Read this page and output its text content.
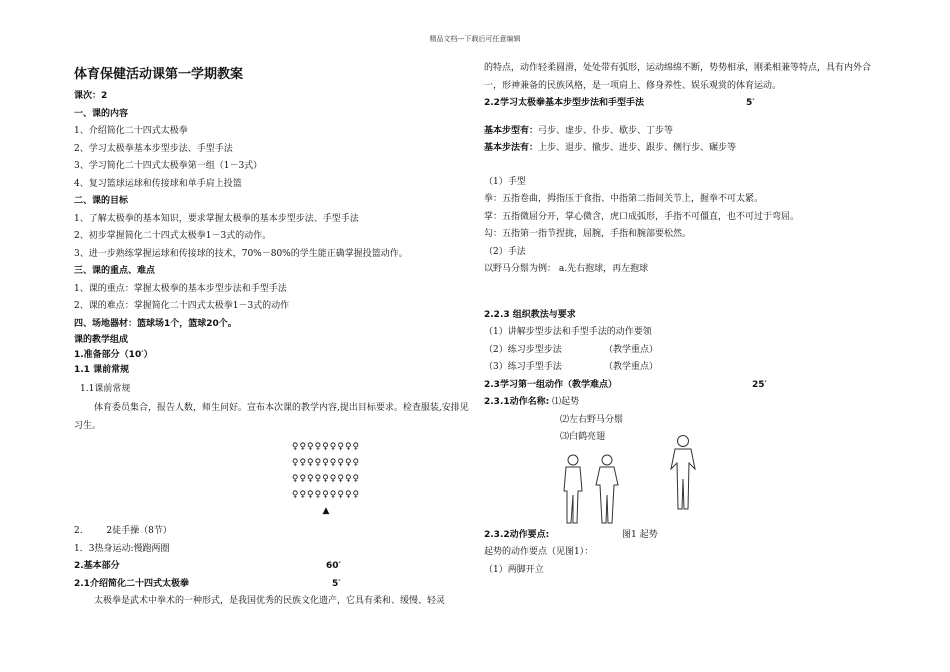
精品文档---下载后可任意编辑
体育保健活动课第一学期教案
课次：2
一、课的内容
1、介绍简化二十四式太极拳
2、学习太极拳基本步型步法、手型手法
3、学习简化二十四式太极拳第一组（1－3式）
4、复习篮球运球和传接球和单手肩上投篮
二、课的目标
1、了解太极拳的基本知识，要求掌握太极拳的基本步型步法、手型手法
2、初步掌握简化二十四式太极拳1－3式的动作。
3、进一步熟练掌握运球和传接球的技术，70%－80%的学生能正确掌握投篮动作。
三、课的重点、难点
1、课的重点：掌握太极拳的基本步型步法和手型手法
2、课的难点：掌握简化二十四式太极拳1－3式的动作
四、场地器材：篮球场1个，篮球20个。
课的教学组成
1.准备部分（10′）
1.1 课前常规
1.1课前常规
体育委员集合，报告人数，师生问好。宣布本次课的教学内容,提出目标要求。检查服装,安排见习生。
♀♀♀♀♀♀♀♀♀
♀♀♀♀♀♀♀♀♀
♀♀♀♀♀♀♀♀♀
♀♀♀♀♀♀♀♀♀
▲
2.	2徒手操（8节）
1．3热身运动:慢跑两圈
2.基本部分	60′
2.1介绍简化二十四式太极拳	5′
太极拳是武术中拳术的一种形式，是我国优秀的民族文化遗产，它具有柔和、缓慢、轻灵
的特点，动作轻柔圆滑，处处带有弧形，运动绵绵不断，势势相承，刚柔相兼等特点，具有内外合一，形神兼备的民族风格，是一项肩上、修身养性、娱乐观赏的体育运动。
2.2学习太极拳基本步型步法和手型手法	5′
基本步型有：弓步、虚步、仆步、歇步、丁步等
基本步法有：上步、退步、撤步、进步、跟步、侧行步、碾步等
（1）手型
拳：五指卷曲，拇指压于食指、中指第二指间关节上，握拳不可太紧。
掌：五指微屈分开，掌心微含，虎口成弧形，手指不可僵直，也不可过于弯屈。
勾：五指第一指节捏拢，屈腕，手指和腕部要松然。
（2）手法
以野马分鬃为例： a.先右抱球，再左抱球
2.2.3 组织教法与要求
（1）讲解步型步法和手型手法的动作要领
（2）练习步型步法	（教学重点）
（3）练习手型手法	（教学重点）
2.3学习第一组动作（教学难点）	25′
2.3.1动作名称: ⑴起势
⑵左右野马分鬃
⑶白鹤亮翅
2.3.2动作要点:	图1 起势
起势的动作要点（见图1）：
（1）两脚开立
